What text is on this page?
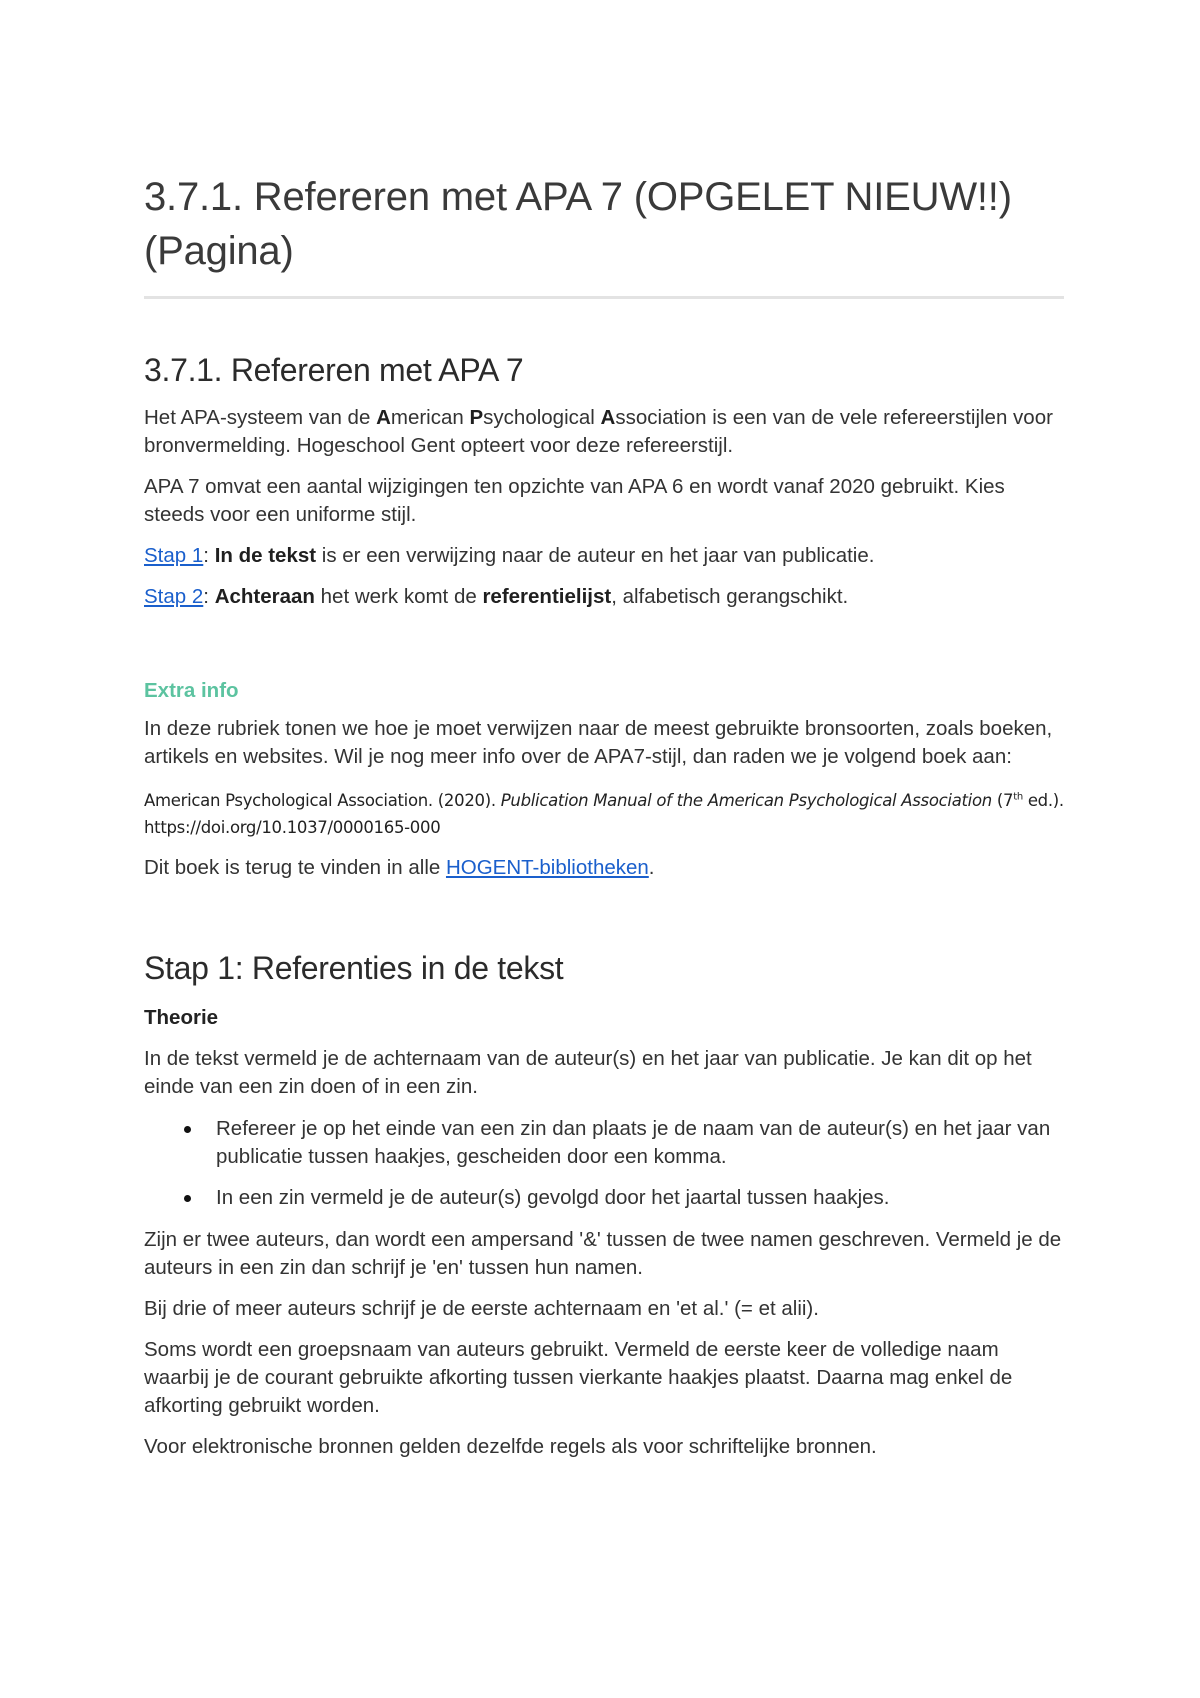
3.7.1. Refereren met APA 7 (OPGELET NIEUW!!) (Pagina)
3.7.1. Refereren met APA 7

Het APA-systeem van de American Psychological Association is een van de vele refereerstijlen voor bronvermelding. Hogeschool Gent opteert voor deze refereerstijl.

APA 7 omvat een aantal wijzigingen ten opzichte van APA 6 en wordt vanaf 2020 gebruikt. Kies steeds voor een uniforme stijl.

Stap 1: In de tekst is er een verwijzing naar de auteur en het jaar van publicatie.

Stap 2: Achteraan het werk komt de referentielijst, alfabetisch gerangschikt.

Extra info

In deze rubriek tonen we hoe je moet verwijzen naar de meest gebruikte bronsoorten, zoals boeken, artikels en websites. Wil je nog meer info over de APA7-stijl, dan raden we je volgend boek aan:

American Psychological Association. (2020). Publication Manual of the American Psychological Association (7th ed.). https://doi.org/10.1037/0000165-000

Dit boek is terug te vinden in alle HOGENT-bibliotheken.

Stap 1: Referenties in de tekst
Theorie

In de tekst vermeld je de achternaam van de auteur(s) en het jaar van publicatie. Je kan dit op het einde van een zin doen of in een zin.

Refereer je op het einde van een zin dan plaats je de naam van de auteur(s) en het jaar van publicatie tussen haakjes, gescheiden door een komma.
In een zin vermeld je de auteur(s) gevolgd door het jaartal tussen haakjes.

Zijn er twee auteurs, dan wordt een ampersand '&' tussen de twee namen geschreven. Vermeld je de auteurs in een zin dan schrijf je 'en' tussen hun namen.

Bij drie of meer auteurs schrijf je de eerste achternaam en 'et al.' (= et alii).

Soms wordt een groepsnaam van auteurs gebruikt. Vermeld de eerste keer de volledige naam waarbij je de courant gebruikte afkorting tussen vierkante haakjes plaatst. Daarna mag enkel de afkorting gebruikt worden.

Voor elektronische bronnen gelden dezelfde regels als voor schriftelijke bronnen.
